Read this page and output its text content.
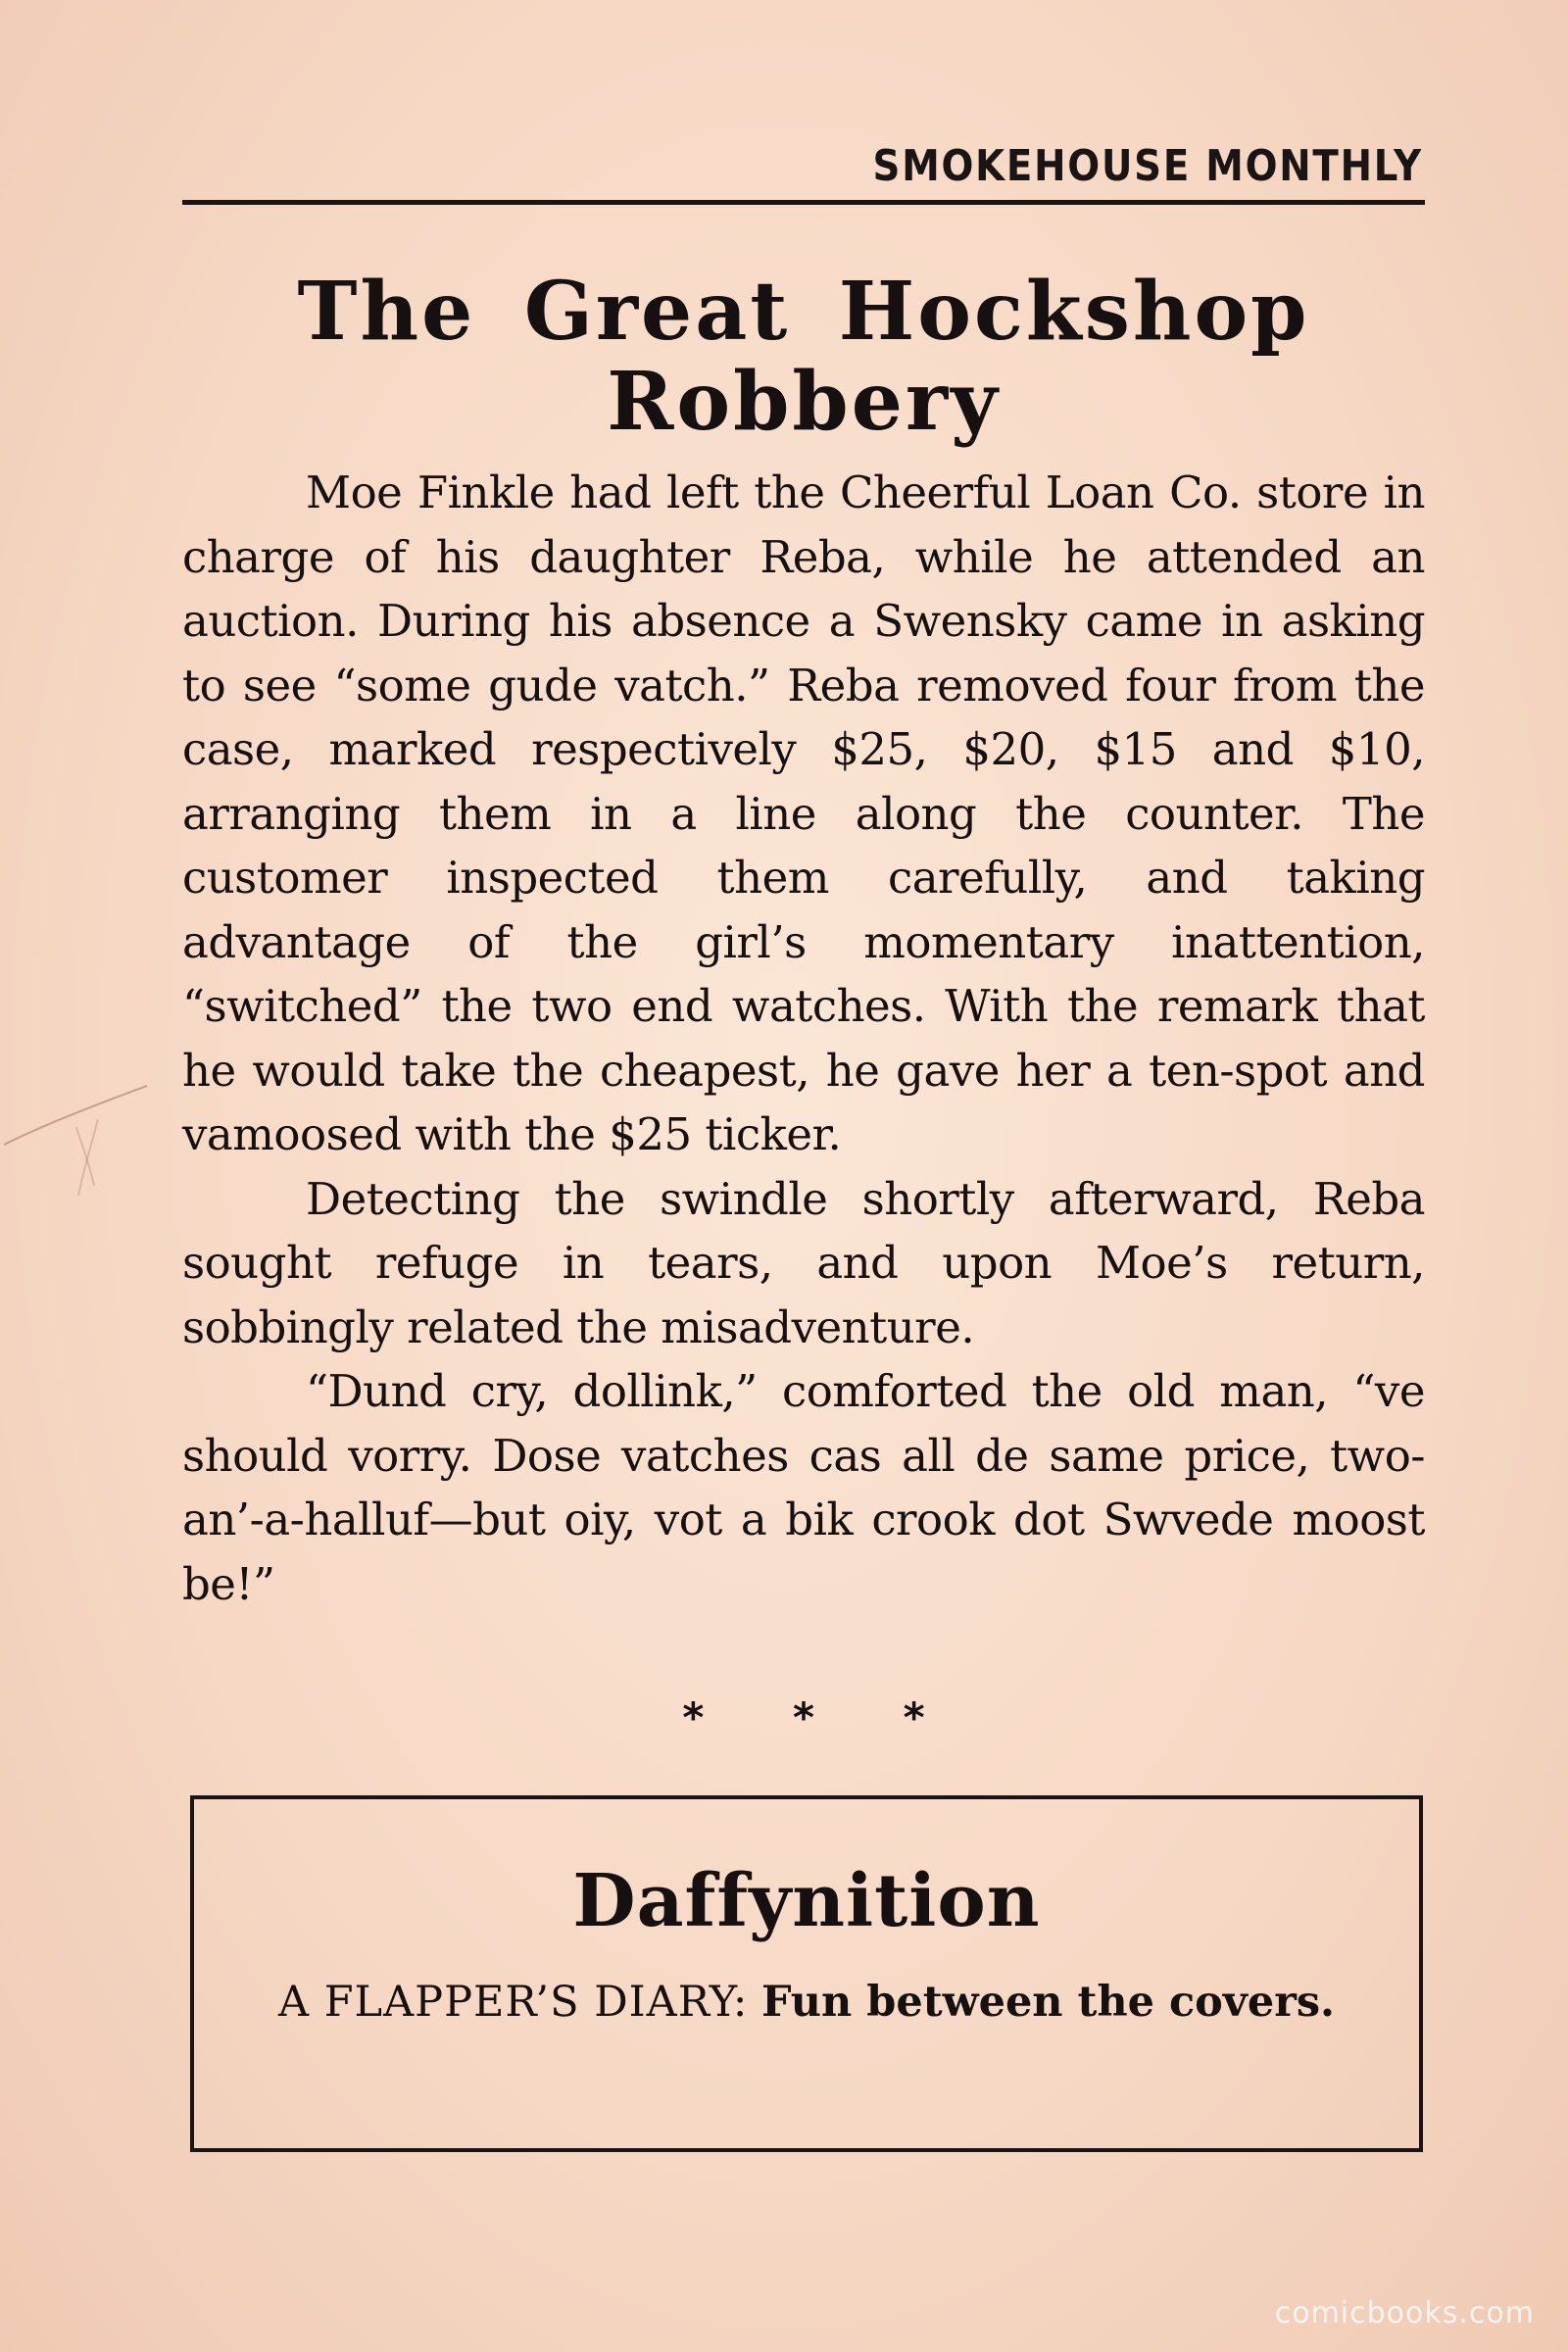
SMOKEHOUSE MONTHLY
The Great Hockshop Robbery

Moe Finkle had left the Cheerful Loan Co. store in charge of his daughter Reba, while he attended an auction. During his absence a Swensky came in asking to see “some gude vatch.” Reba removed four from the case, marked respectively $25, $20, $15 and $10, arranging them in a line along the counter. The customer inspected them carefully, and taking advantage of the girl’s momentary inattention, “switched” the two end watches. With the remark that he would take the cheapest, he gave her a ten-spot and vamoosed with the $25 ticker.

Detecting the swindle shortly afterward, Reba sought refuge in tears, and upon Moe’s return, sobbingly related the misadventure.

“Dund cry, dollink,” comforted the old man, “ve should vorry. Dose vatches cas all de same price, two-an’-a-halluf—but oiy, vot a bik crook dot Swvede moost be!”

* * *
Daffynition

A FLAPPER’S DIARY: Fun between the covers.

comicbooks.com
